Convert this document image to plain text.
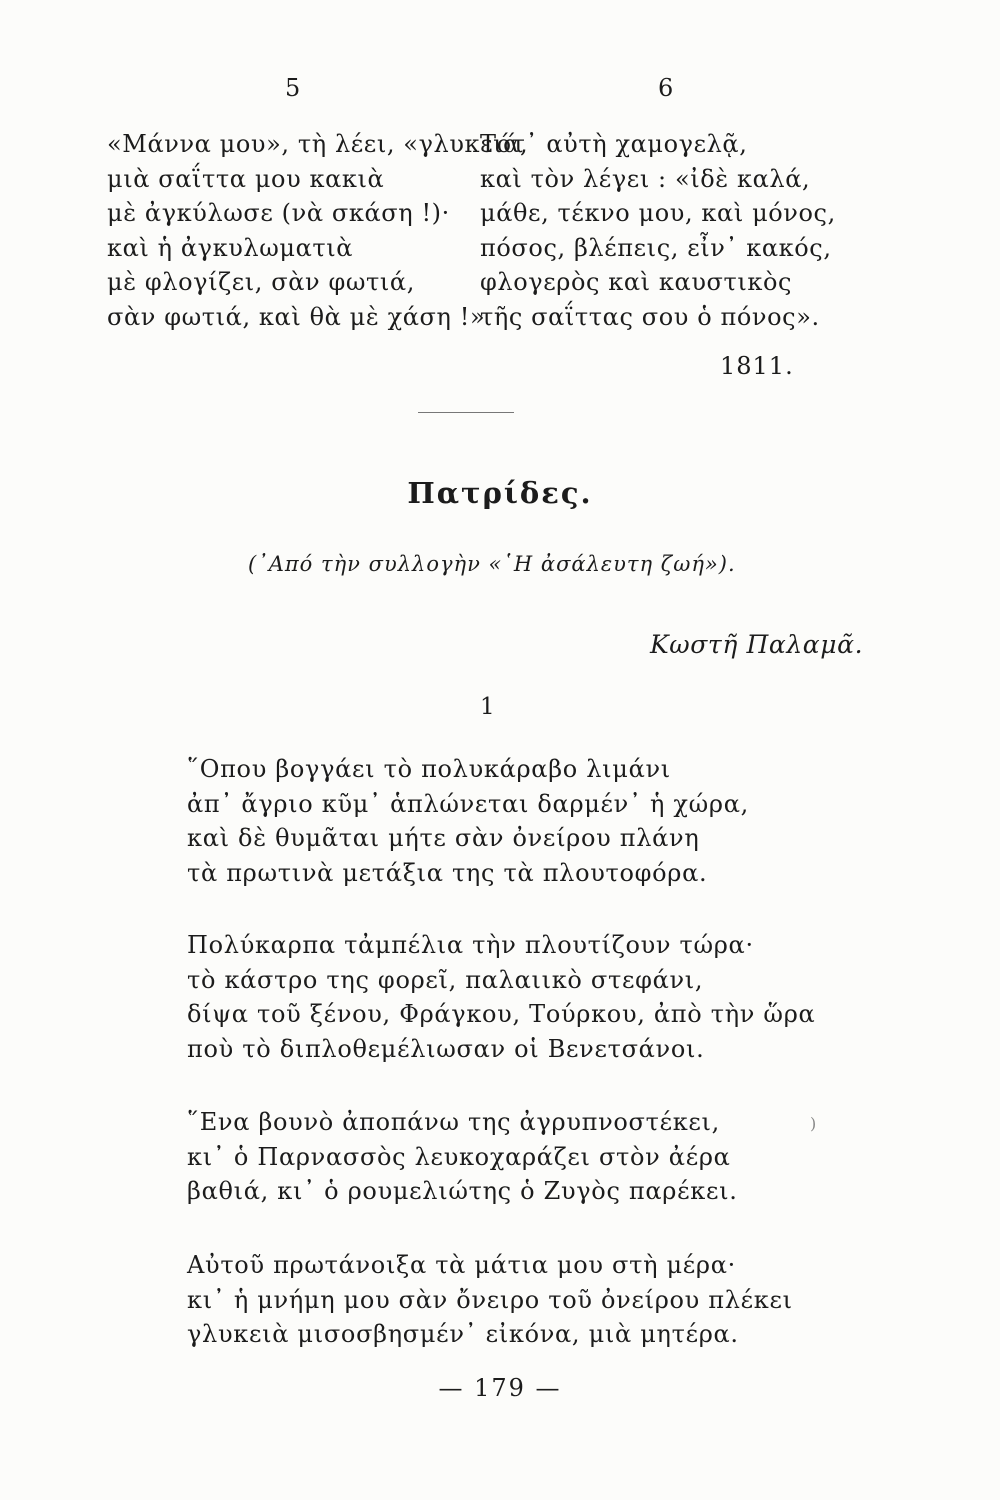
5	6
«Μάννα μου», τὴ λέει, «γλυκειά,
μιὰ σαΐττα μου κακιὰ
μὲ ἀγκύλωσε (νὰ σκάση !)·
καὶ ἡ ἀγκυλωματιὰ
μὲ φλογίζει, σὰν φωτιά,
σὰν φωτιά, καὶ θὰ μὲ χάση !»
Τότ᾽ αὐτὴ χαμογελᾷ,
καὶ τὸν λέγει : «ἰδὲ καλά,
μάθε, τέκνο μου, καὶ μόνος,
πόσος, βλέπεις, εἶν᾽ κακός,
φλογερὸς καὶ καυστικὸς
τῆς σαΐττας σου ὁ πόνος».
1811.
Πατρίδες.
(᾽Από τὴν συλλογὴν «῾Η ἀσάλευτη ζωή»).
Κωστῆ Παλαμᾶ.
1
῞Οπου βογγάει τὸ πολυκάραβο λιμάνι
ἀπ᾽ ἄγριο κῦμ᾽ ἁπλώνεται δαρμέν᾽ ἡ χώρα,
καὶ δὲ θυμᾶται μήτε σὰν ὀνείρου πλάνη
τὰ πρωτινὰ μετάξια της τὰ πλουτοφόρα.
Πολύκαρπα τἀμπέλια τὴν πλουτίζουν τώρα·
τὸ κάστρο της φορεῖ, παλαιικὸ στεφάνι,
δίψα τοῦ ξένου, Φράγκου, Τούρκου, ἀπὸ τὴν ὥρα
ποὺ τὸ διπλοθεμέλιωσαν οἱ Βενετσάνοι.
῞Ενα βουνὸ ἀποπάνω της ἀγρυπνοστέκει,
κι᾽ ὁ Παρνασσὸς λευκοχαράζει στὸν ἀέρα
βαθιά, κι᾽ ὁ ρουμελιώτης ὁ Ζυγὸς παρέκει.
)
Αὐτοῦ πρωτάνοιξα τὰ μάτια μου στὴ μέρα·
κι᾽ ἡ μνήμη μου σὰν ὄνειρο τοῦ ὀνείρου πλέκει
γλυκειὰ μισοσβησμέν᾽ εἰκόνα, μιὰ μητέρα.
— 179 —
